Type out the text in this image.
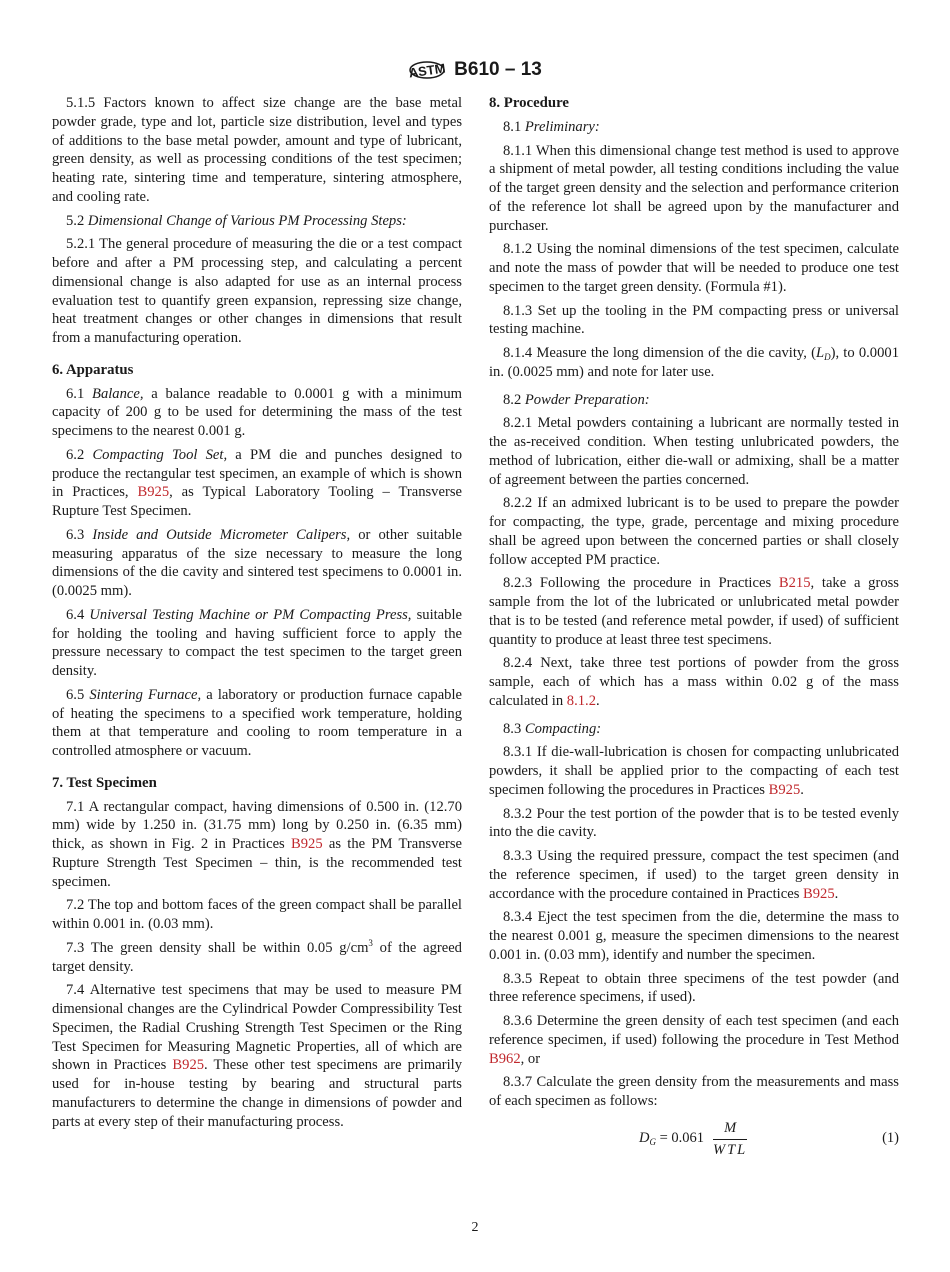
ASTM B610 – 13
5.1.5 Factors known to affect size change are the base metal powder grade, type and lot, particle size distribution, level and types of additions to the base metal powder, amount and type of lubricant, green density, as well as processing conditions of the test specimen; heating rate, sintering time and temperature, sintering atmosphere, and cooling rate.
5.2 Dimensional Change of Various PM Processing Steps:
5.2.1 The general procedure of measuring the die or a test compact before and after a PM processing step, and calculating a percent dimensional change is also adapted for use as an internal process evaluation test to quantify green expansion, repressing size change, heat treatment changes or other changes in dimensions that result from a manufacturing operation.
6. Apparatus
6.1 Balance, a balance readable to 0.0001 g with a minimum capacity of 200 g to be used for determining the mass of the test specimens to the nearest 0.001 g.
6.2 Compacting Tool Set, a PM die and punches designed to produce the rectangular test specimen, an example of which is shown in Practices, B925, as Typical Laboratory Tooling – Transverse Rupture Test Specimen.
6.3 Inside and Outside Micrometer Calipers, or other suitable measuring apparatus of the size necessary to measure the long dimensions of the die cavity and sintered test specimens to 0.0001 in. (0.0025 mm).
6.4 Universal Testing Machine or PM Compacting Press, suitable for holding the tooling and having sufficient force to apply the pressure necessary to compact the test specimen to the target green density.
6.5 Sintering Furnace, a laboratory or production furnace capable of heating the specimens to a specified work temperature, holding them at that temperature and cooling to room temperature in a controlled atmosphere or vacuum.
7. Test Specimen
7.1 A rectangular compact, having dimensions of 0.500 in. (12.70 mm) wide by 1.250 in. (31.75 mm) long by 0.250 in. (6.35 mm) thick, as shown in Fig. 2 in Practices B925 as the PM Transverse Rupture Strength Test Specimen – thin, is the recommended test specimen.
7.2 The top and bottom faces of the green compact shall be parallel within 0.001 in. (0.03 mm).
7.3 The green density shall be within 0.05 $g/cm^3$ of the agreed target density.
7.4 Alternative test specimens that may be used to measure PM dimensional changes are the Cylindrical Powder Compressibility Test Specimen, the Radial Crushing Strength Test Specimen or the Ring Test Specimen for Measuring Magnetic Properties, all of which are shown in Practices B925. These other test specimens are primarily used for in-house testing by bearing and structural parts manufacturers to determine the change in dimensions of powder and parts at every step of their manufacturing process.
8. Procedure
8.1 Preliminary:
8.1.1 When this dimensional change test method is used to approve a shipment of metal powder, all testing conditions including the value of the target green density and the selection and performance criterion of the reference lot shall be agreed upon by the manufacturer and purchaser.
8.1.2 Using the nominal dimensions of the test specimen, calculate and note the mass of powder that will be needed to produce one test specimen to the target green density. (Formula #1).
8.1.3 Set up the tooling in the PM compacting press or universal testing machine.
8.1.4 Measure the long dimension of the die cavity, $(L_D)$, to 0.0001 in. (0.0025 mm) and note for later use.
8.2 Powder Preparation:
8.2.1 Metal powders containing a lubricant are normally tested in the as-received condition. When testing unlubricated powders, the method of lubrication, either die-wall or admixing, shall be a matter of agreement between the parties concerned.
8.2.2 If an admixed lubricant is to be used to prepare the powder for compacting, the type, grade, percentage and mixing procedure shall be agreed upon between the concerned parties or shall closely follow accepted PM practice.
8.2.3 Following the procedure in Practices B215, take a gross sample from the lot of the lubricated or unlubricated metal powder that is to be tested (and reference metal powder, if used) of sufficient quantity to produce at least three test specimens.
8.2.4 Next, take three test portions of powder from the gross sample, each of which has a mass within 0.02 g of the mass calculated in 8.1.2.
8.3 Compacting:
8.3.1 If die-wall-lubrication is chosen for compacting unlubricated powders, it shall be applied prior to the compacting of each test specimen following the procedures in Practices B925.
8.3.2 Pour the test portion of the powder that is to be tested evenly into the die cavity.
8.3.3 Using the required pressure, compact the test specimen (and the reference specimen, if used) to the target green density in accordance with the procedure contained in Practices B925.
8.3.4 Eject the test specimen from the die, determine the mass to the nearest 0.001 g, measure the specimen dimensions to the nearest 0.001 in. (0.03 mm), identify and number the specimen.
8.3.5 Repeat to obtain three specimens of the test powder (and three reference specimens, if used).
8.3.6 Determine the green density of each test specimen (and each reference specimen, if used) following the procedure in Test Method B962, or
8.3.7 Calculate the green density from the measurements and mass of each specimen as follows:
$D_G = 0.061$
M
WTL
(1)
2
